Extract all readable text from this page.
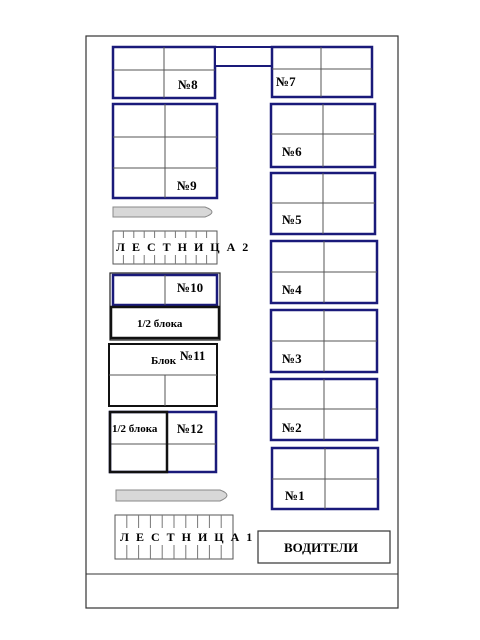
№8
№9
Л Е С Т Н И Ц А 2
№10
1/2 блока
Блок №11
1/2 блока №12
Л Е С Т Н И Ц А 1
№7
№6
№5
№4
№3
№2
№1
ВОДИТЕЛИ
